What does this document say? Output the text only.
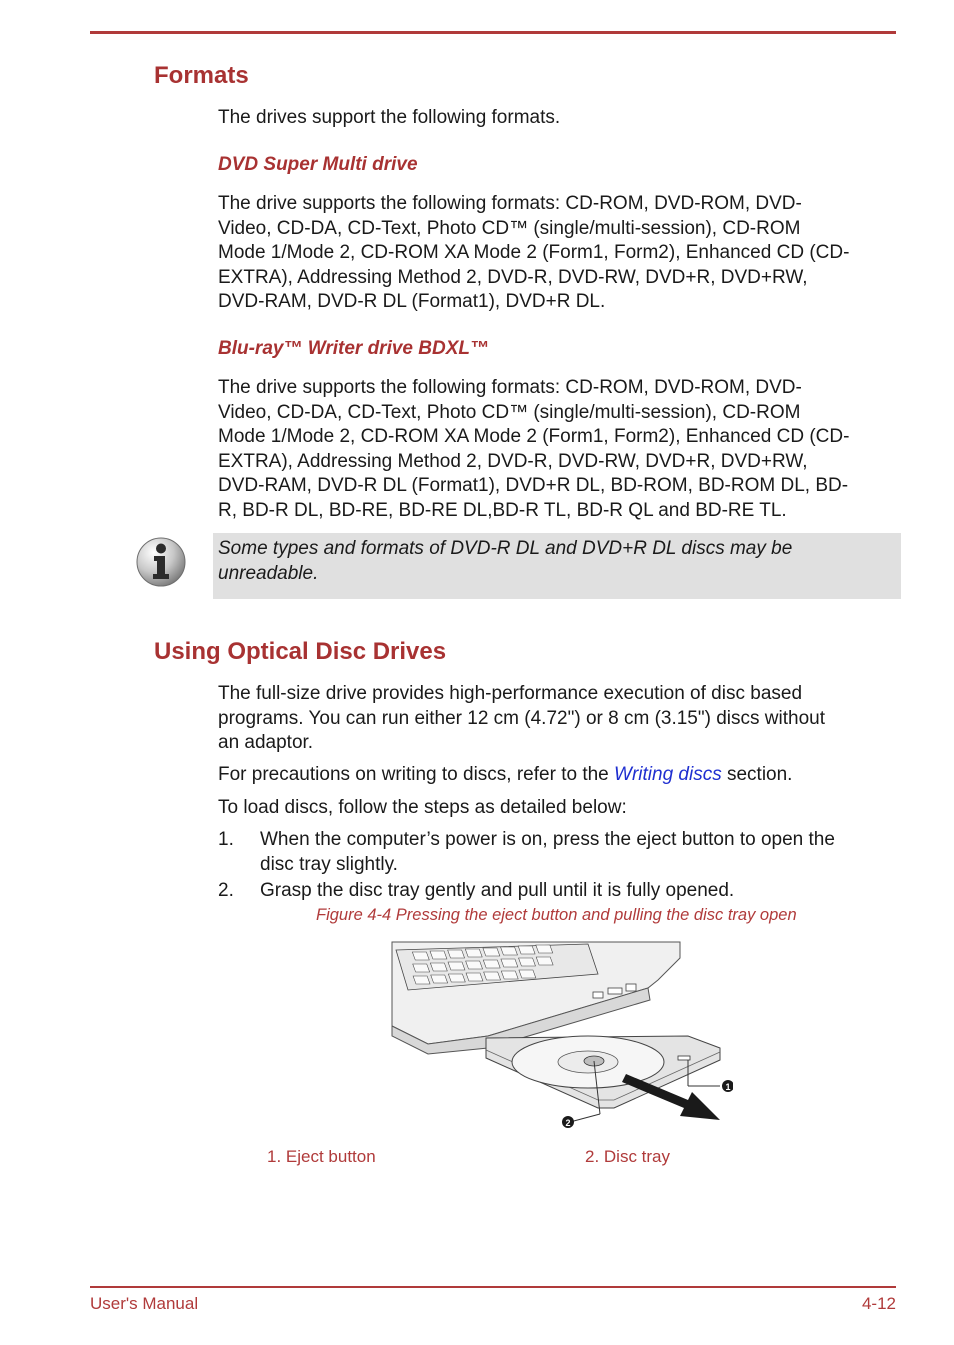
Formats

The drives support the following formats.

DVD Super Multi drive

The drive supports the following formats: CD-ROM, DVD-ROM, DVD-
Video, CD-DA, CD-Text, Photo CD™ (single/multi-session), CD-ROM
Mode 1/Mode 2, CD-ROM XA Mode 2 (Form1, Form2), Enhanced CD (CD-
EXTRA), Addressing Method 2, DVD-R, DVD-RW, DVD+R, DVD+RW,
DVD-RAM, DVD-R DL (Format1), DVD+R DL.

Blu-ray™ Writer drive BDXL™

The drive supports the following formats: CD-ROM, DVD-ROM, DVD-
Video, CD-DA, CD-Text, Photo CD™ (single/multi-session), CD-ROM
Mode 1/Mode 2, CD-ROM XA Mode 2 (Form1, Form2), Enhanced CD (CD-
EXTRA), Addressing Method 2, DVD-R, DVD-RW, DVD+R, DVD+RW,
DVD-RAM, DVD-R DL (Format1), DVD+R DL, BD-ROM, BD-ROM DL, BD-
R, BD-R DL, BD-RE, BD-RE DL,BD-R TL, BD-R QL and BD-RE TL.

Some types and formats of DVD-R DL and DVD+R DL discs may be
unreadable.

Using Optical Disc Drives

The full-size drive provides high-performance execution of disc based
programs. You can run either 12 cm (4.72") or 8 cm (3.15") discs without
an adaptor.

For precautions on writing to discs, refer to the Writing discs section.

To load discs, follow the steps as detailed below:

1. When the computer’s power is on, press the eject button to open the
disc tray slightly.
2. Grasp the disc tray gently and pull until it is fully opened.

Figure 4-4 Pressing the eject button and pulling the disc tray open

1
2
1. Eject button	2. Disc tray
User's Manual	4-12
